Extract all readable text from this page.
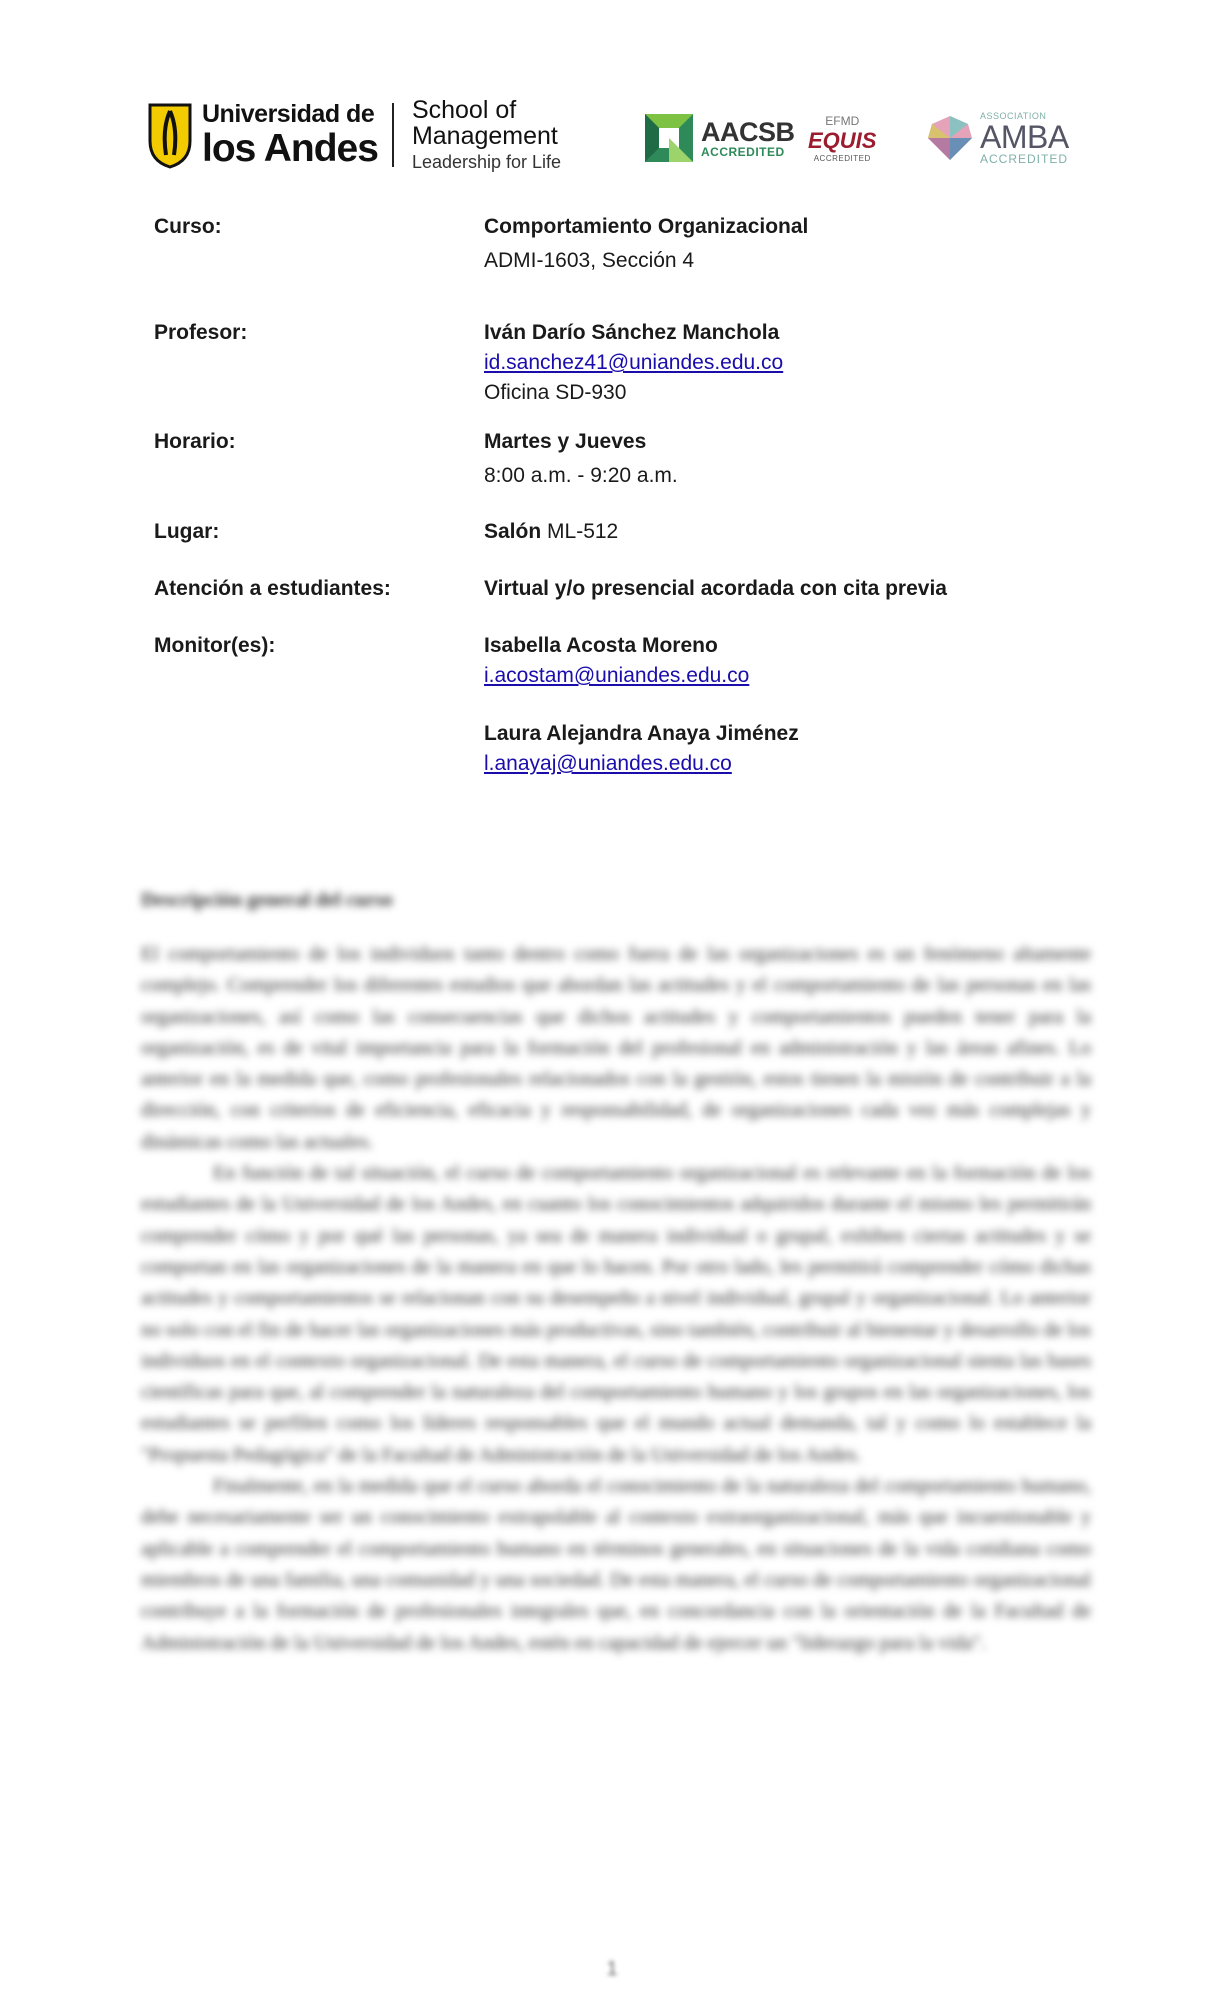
Universidad de
los Andes
School of
Management
Leadership for Life
AACSB
ACCREDITED
EFMD
EQUIS
ACCREDITED
ASSOCIATION
AMBA
ACCREDITED
Curso:	Comportamiento Organizacional
ADMI-1603, Sección 4
Profesor:	Iván Darío Sánchez Manchola
id.sanchez41@uniandes.edu.co
Oficina SD-930
Horario:	Martes y Jueves
8:00 a.m. - 9:20 a.m.
Lugar:	Salón ML-512
Atención a estudiantes:	Virtual y/o presencial acordada con cita previa
Monitor(es):	Isabella Acosta Moreno
i.acostam@uniandes.edu.co
Laura Alejandra Anaya Jiménez
l.anayaj@uniandes.edu.co
Descripción general del curso

El comportamiento de los individuos tanto dentro como fuera de las organizaciones es un fenómeno altamente complejo. Comprender los diferentes estudios que abordan las actitudes y el comportamiento de las personas en las organizaciones, así como las consecuencias que dichos actitudes y comportamientos pueden tener para la organización, es de vital importancia para la formación del profesional en administración y las áreas afines. Lo anterior en la medida que, como profesionales relacionados con la gestión, estos tienen la misión de contribuir a la dirección, con criterios de eficiencia, eficacia y responsabilidad, de organizaciones cada vez más complejas y dinámicas como las actuales.

En función de tal situación, el curso de comportamiento organizacional es relevante en la formación de los estudiantes de la Universidad de los Andes, en cuanto los conocimientos adquiridos durante el mismo les permitirán comprender cómo y por qué las personas, ya sea de manera individual o grupal, exhiben ciertas actitudes y se comportan en las organizaciones de la manera en que lo hacen. Por otro lado, les permitirá comprender cómo dichas actitudes y comportamientos se relacionan con su desempeño a nivel individual, grupal y organizacional. Lo anterior no solo con el fin de hacer las organizaciones más productivas, sino también, contribuir al bienestar y desarrollo de los individuos en el contexto organizacional. De esta manera, el curso de comportamiento organizacional sienta las bases científicas para que, al comprender la naturaleza del comportamiento humano y los grupos en las organizaciones, los estudiantes se perfilen como los líderes responsables que el mundo actual demanda, tal y como lo establece la "Propuesta Pedagógica" de la Facultad de Administración de la Universidad de los Andes.

Finalmente, en la medida que el curso aborda el conocimiento de la naturaleza del comportamiento humano, debe necesariamente ser un conocimiento extrapolable al contexto extraorganizacional, más que incuestionable y aplicable a comprender el comportamiento humano en términos generales, en situaciones de la vida cotidiana como miembros de una familia, una comunidad y una sociedad. De esta manera, el curso de comportamiento organizacional contribuye a la formación de profesionales integrales que, en concordancia con la orientación de la Facultad de Administración de la Universidad de los Andes, estén en capacidad de ejercer un "liderazgo para la vida".

1
